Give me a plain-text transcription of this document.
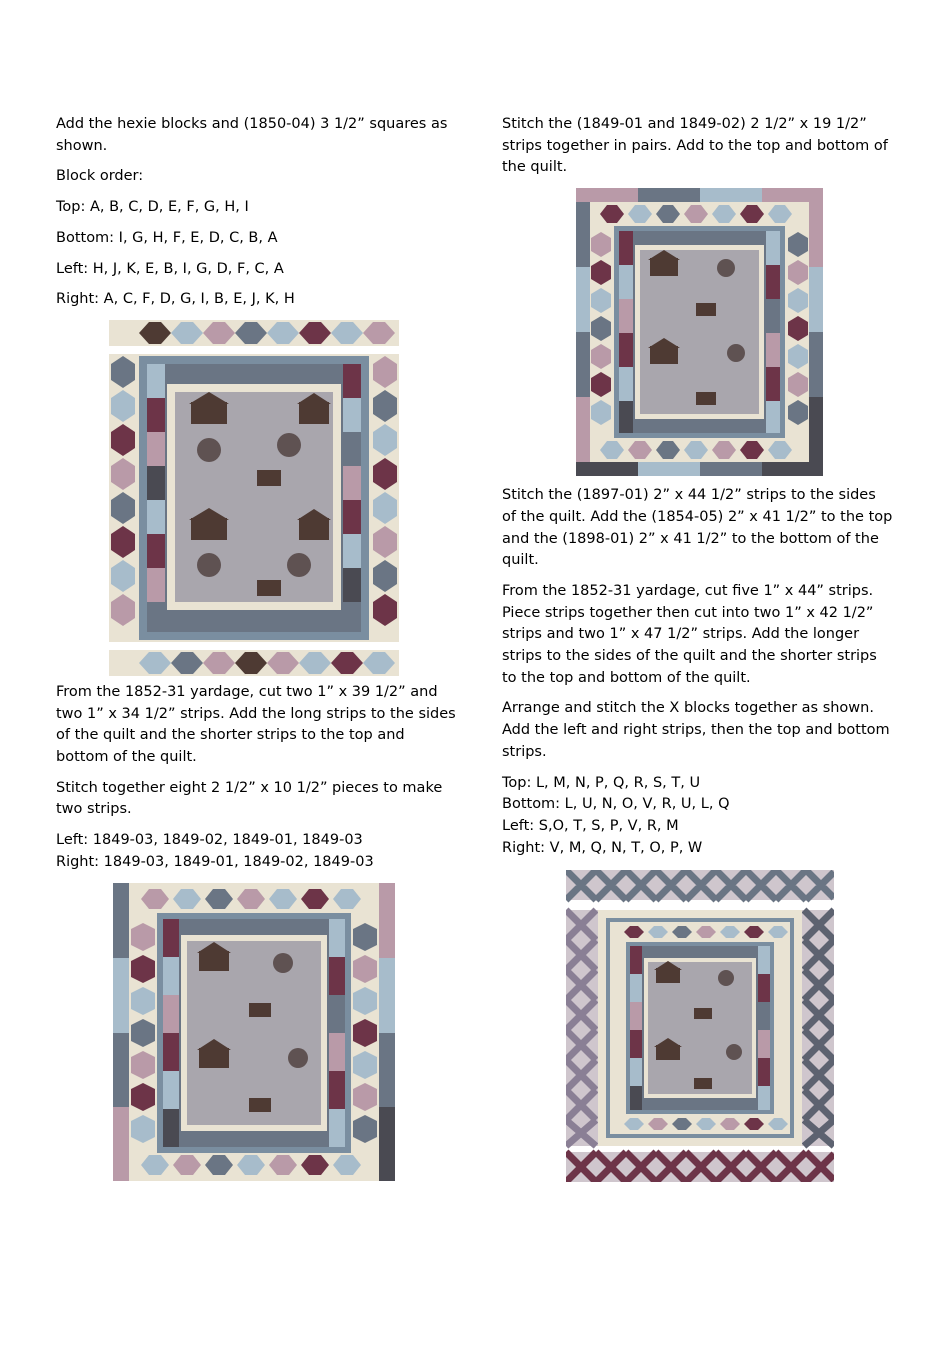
Add the hexie blocks and (1850-04) 3 1/2” squares as shown.

Block order:

Top: A, B, C, D, E, F, G, H, I

Bottom: I, G, H, F, E, D, C, B, A

Left: H, J, K, E, B, I, G, D, F, C, A

Right: A, C, F, D, G, I, B, E, J, K, H

From the 1852-31 yardage, cut two 1” x 39 1/2” and two 1” x 34 1/2” strips. Add the long strips to the sides of the quilt and the shorter strips to the top and bottom of the quilt.

Stitch together eight 2 1/2” x 10 1/2” pieces to make two strips.

Left: 1849-03, 1849-02, 1849-01, 1849-03
Right: 1849-03, 1849-01, 1849-02, 1849-03

Stitch the (1849-01 and 1849-02) 2 1/2” x 19 1/2” strips together in pairs. Add to the top and bottom of the quilt.

Stitch the (1897-01) 2” x 44 1/2” strips to the sides of the quilt. Add the (1854-05) 2” x 41 1/2” to the top and the (1898-01) 2” x 41 1/2” to the bottom of the quilt.

From the 1852-31 yardage, cut five 1” x 44” strips. Piece strips together then cut into two 1” x 42 1/2” strips and two 1” x 47 1/2” strips. Add the longer strips to the sides of the quilt and the shorter strips to the top and bottom of the quilt.

Arrange and stitch the X blocks together as shown. Add the left and right strips, then the top and bottom strips.

Top: L, M, N, P, Q, R, S, T, U
Bottom: L, U, N, O, V, R, U, L, Q
Left: S,O, T, S, P, V, R, M
Right: V, M, Q, N, T, O, P, W
